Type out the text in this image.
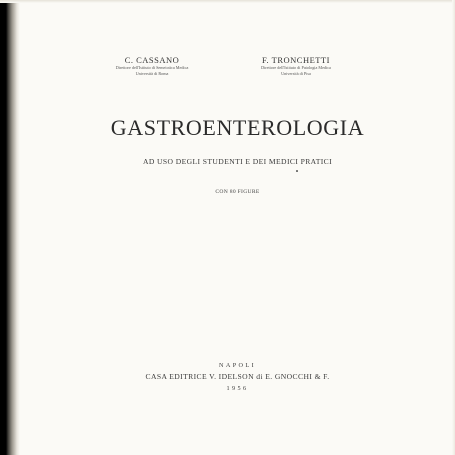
C. CASSANO
Direttore dell'Istituto di Semeiotica Medica
Università di Roma
F. TRONCHETTI
Direttore dell'Istituto di Patologia Medica
Università di Pisa
GASTROENTEROLOGIA
AD USO DEGLI STUDENTI E DEI MEDICI PRATICI
CON 80 FIGURE
NAPOLI
CASA EDITRICE V. IDELSON di E. GNOCCHI & F.
1956
